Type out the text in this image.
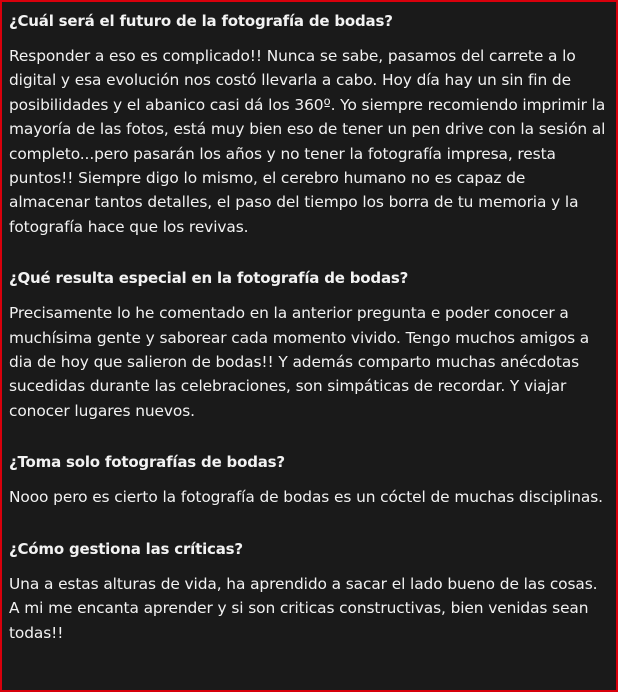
¿Cuál será el futuro de la fotografía de bodas?

Responder a eso es complicado!! Nunca se sabe, pasamos del carrete a lo digital y esa evolución nos costó llevarla a cabo. Hoy día hay un sin fin de posibilidades y el abanico casi dá los 360º. Yo siempre recomiendo imprimir la mayoría de las fotos, está muy bien eso de tener un pen drive con la sesión al completo...pero pasarán los años y no tener la fotografía impresa, resta puntos!! Siempre digo lo mismo, el cerebro humano no es capaz de almacenar tantos detalles, el paso del tiempo los borra de tu memoria y la fotografía hace que los revivas.

¿Qué resulta especial en la fotografía de bodas?

Precisamente lo he comentado en la anterior pregunta e poder conocer a muchísima gente y saborear cada momento vivido. Tengo muchos amigos a dia de hoy que salieron de bodas!! Y además comparto muchas anécdotas sucedidas durante las celebraciones, son simpáticas de recordar. Y viajar conocer lugares nuevos.

¿Toma solo fotografías de bodas?

Nooo pero es cierto la fotografía de bodas es un cóctel de muchas disciplinas.

¿Cómo gestiona las críticas?

Una a estas alturas de vida, ha aprendido a sacar el lado bueno de las cosas. A mi me encanta aprender y si son criticas constructivas, bien venidas sean todas!!
